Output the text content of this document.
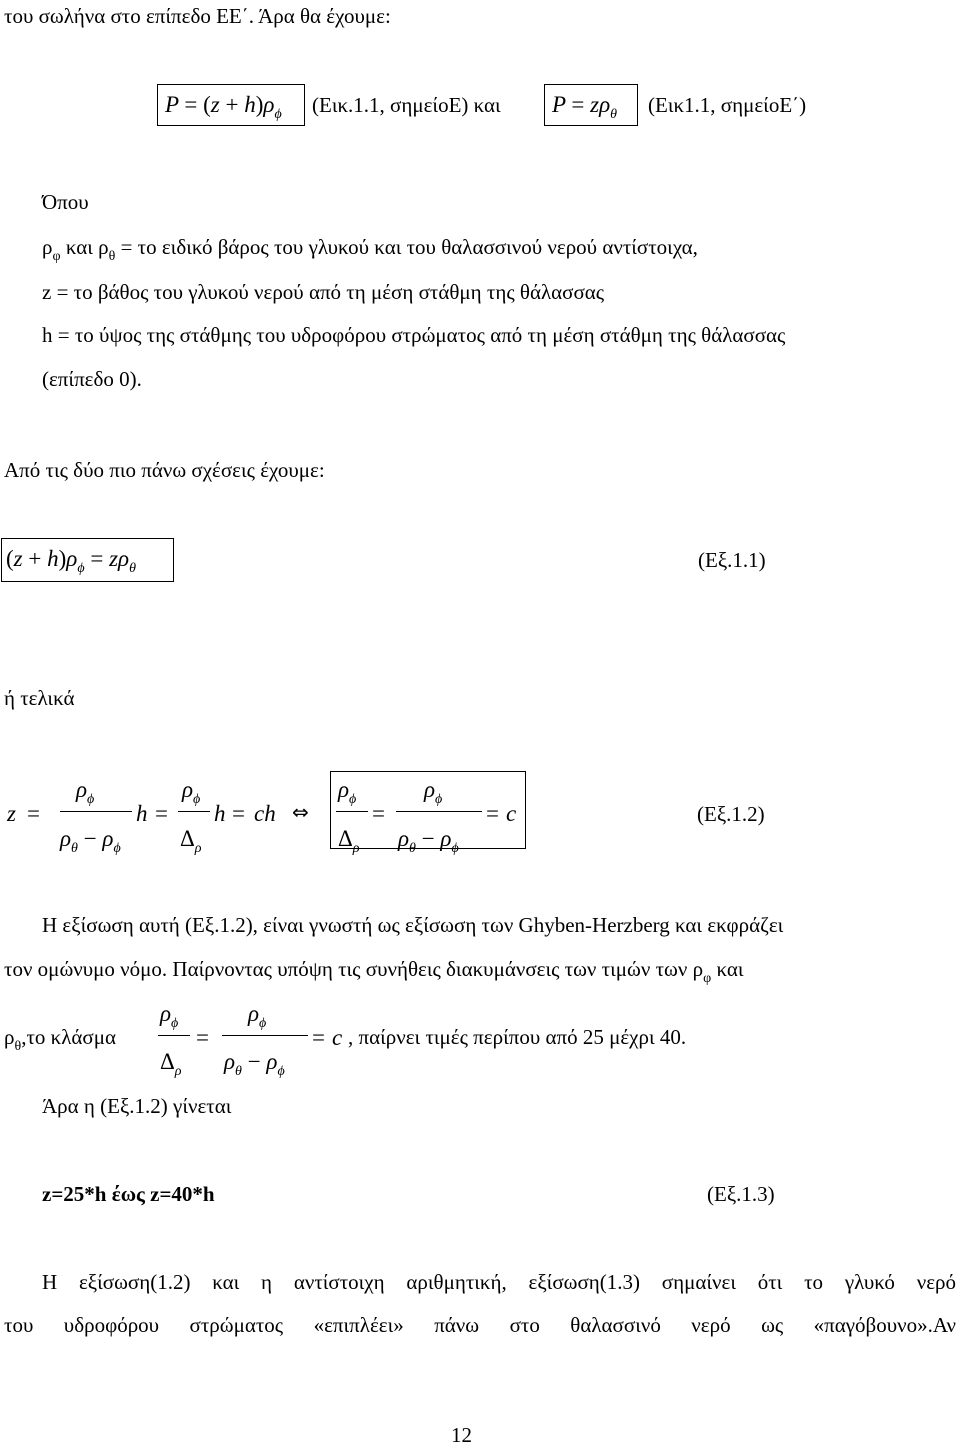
του σωλήνα στο επίπεδο ΕΕ΄. Άρα θα έχουμε:
$P = (z + h)\rho_\phi$ (Εικ.1.1, σημείοΕ) και $P = z\rho_\theta$ (Εικ1.1, σημείοΕ΄)
Όπου
$\rho_\varphi$ και $\rho_\theta = \tau o$ ειδικό βάρος του γλυκού και του θαλασσινού νερού αντίστοιχα,
z = το βάθος του γλυκού νερού από τη μέση στάθμη της θάλασσας
h = το ύψος της στάθμης του υδροφόρου στρώματος από τη μέση στάθμη της θάλασσας
(επίπεδο 0).
Από τις δύο πιο πάνω σχέσεις έχουμε:
$(z + h)\rho_\phi = z\rho_\theta$	(Εξ.1.1)
ή τελικά
z =
$\rho_\phi$
$\rho_\theta - \rho_\phi$
h =
$\rho_\phi$
$\Delta_\rho$
h = ch ⇔
$\rho_\phi$
$\Delta_\rho$
=
$\rho_\phi$
$\rho_\theta - \rho_\phi$
= c	(Εξ.1.2)
Η εξίσωση αυτή (Εξ.1.2), είναι γνωστή ως εξίσωση των Ghyben-Herzberg και εκφράζει
τον ομώνυμο νόμο. Παίρνοντας υπόψη τις συνήθεις διακυμάνσεις των τιμών των $\rho_\varphi$ και
$\rho_\theta,\tau o$ κλάσμα
$\rho_\phi$
$\Delta_\rho$
=
$\rho_\phi$
$\rho_\theta - \rho_\phi$
= c , παίρνει τιμές περίπου από 25 μέχρι 40.
Άρα η (Εξ.1.2) γίνεται
z=25*h έως z=40*h	(Εξ.1.3)
Η εξίσωση(1.2) και η αντίστοιχη αριθμητική, εξίσωση(1.3) σημαίνει ότι το γλυκό νερό
του υδροφόρου στρώματος «επιπλέει» πάνω στο θαλασσινό νερό ως «παγόβουνο».Αν
12
